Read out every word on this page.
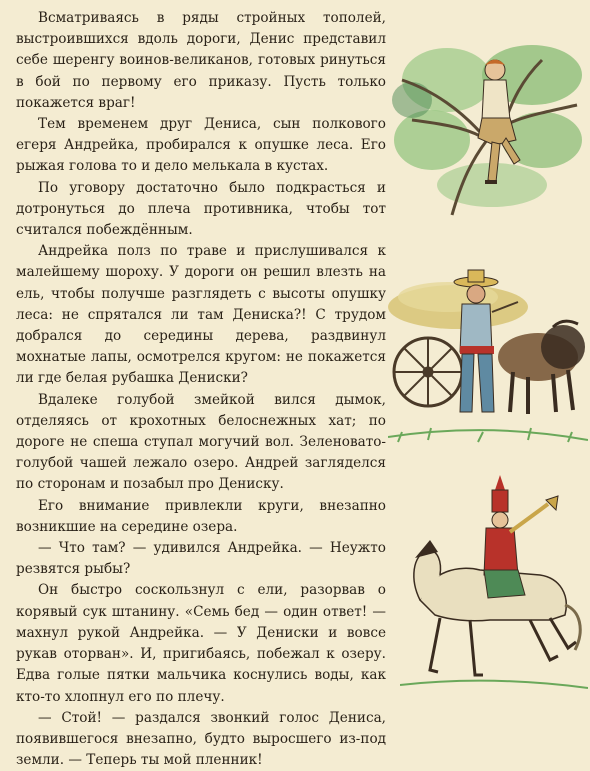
Всматриваясь в ряды стройных тополей, выстроившихся вдоль дороги, Денис представил себе шеренгу воинов-великанов, готовых ринуться в бой по первому его приказу. Пусть только покажется враг!

Тем временем друг Дениса, сын полкового егеря Андрейка, пробирался к опушке леса. Его рыжая голова то и дело мелькала в кустах.

По уговору достаточно было подкрасться и дотронуться до плеча противника, чтобы тот считался побеждённым.

Андрейка полз по траве и прислушивался к малейшему шороху. У дороги он решил влезть на ель, чтобы получше разглядеть с высоты опушку леса: не спрятался ли там Дениска?! С трудом добрался до середины дерева, раздвинул мохнатые лапы, осмотрелся кругом: не покажется ли где белая рубашка Дениски?

Вдалеке голубой змейкой вился дымок, отделяясь от крохотных белоснежных хат; по дороге не спеша ступал могучий вол. Зеленовато-голубой чашей лежало озеро. Андрей загляделся по сторонам и позабыл про Дениску.

Его внимание привлекли круги, внезапно возникшие на середине озера.

— Что там? — удивился Андрейка. — Неужто резвятся рыбы?

Он быстро соскользнул с ели, разорвав о корявый сук штанину. «Семь бед — один ответ! — махнул рукой Андрейка. — У Дениски и вовсе рукав оторван». И, пригибаясь, побежал к озеру. Едва голые пятки мальчика коснулись воды, как кто-то хлопнул его по плечу.

— Стой! — раздался звонкий голос Дениса, появившегося внезапно, будто выросшего из-под земли. — Теперь ты мой пленник!
